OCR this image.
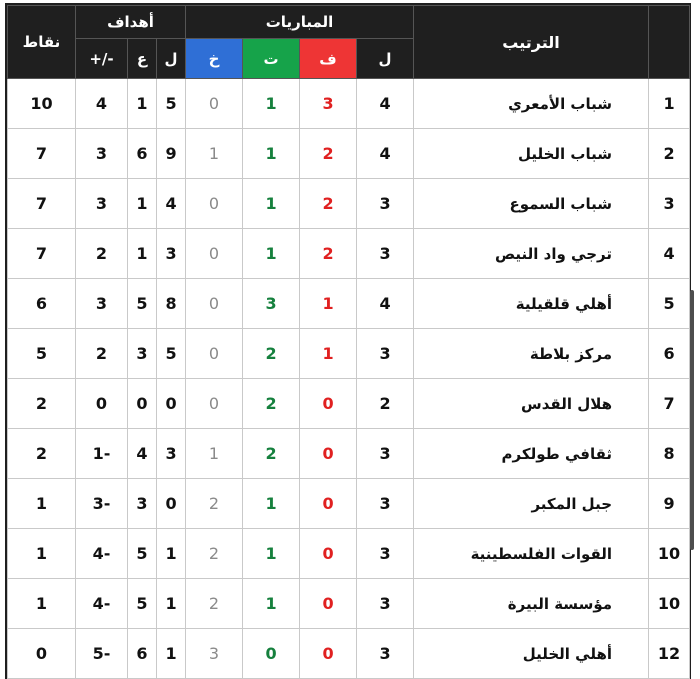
نقاط	أهداف			المباريات				الترتيب	
	+/-	ع	ل	خ	ت	ف	ل		
10	4	1	5	0	1	3	4	شباب الأمعري	1
7	3	6	9	1	1	2	4	شباب الخليل	2
7	3	1	4	0	1	2	3	شباب السموع	3
7	2	1	3	0	1	2	3	ترجي واد النيص	4
6	3	5	8	0	3	1	4	أهلي قلقيلية	5
5	2	3	5	0	2	1	3	مركز بلاطة	6
2	0	0	0	0	2	0	2	هلال القدس	7
2	1-	4	3	1	2	0	3	ثقافي طولكرم	8
1	3-	3	0	2	1	0	3	جبل المكبر	9
1	4-	5	1	2	1	0	3	القوات الفلسطينية	10
1	4-	5	1	2	1	0	3	مؤسسة البيرة	10
0	5-	6	1	3	0	0	3	أهلي الخليل	12
